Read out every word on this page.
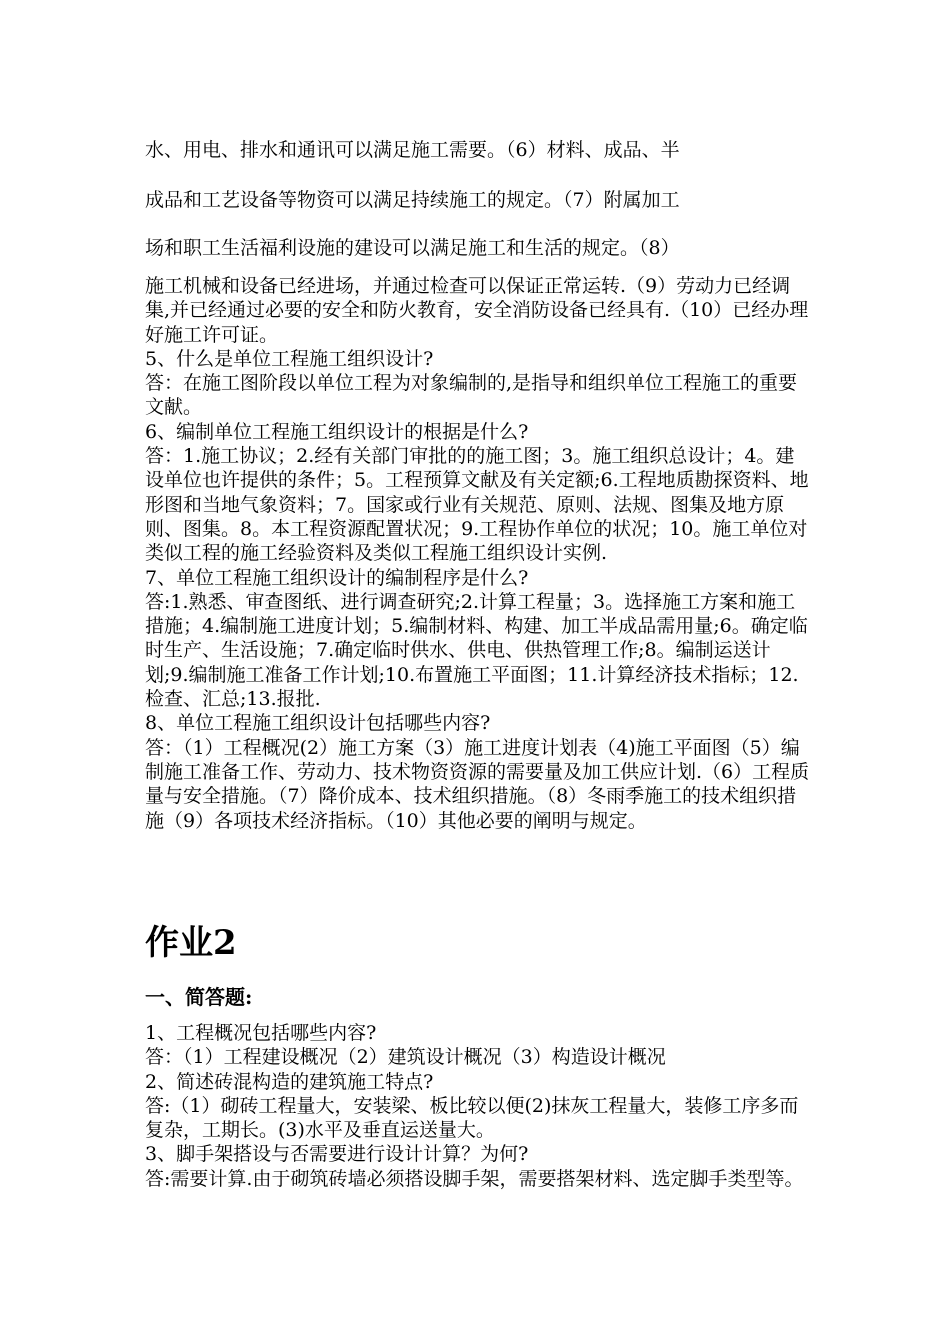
水、用电、排水和通讯可以满足施工需要。（6）材料、成品、半
成品和工艺设备等物资可以满足持续施工的规定。（7）附属加工
场和职工生活福利设施的建设可以满足施工和生活的规定。（8）

施工机械和设备已经进场，并通过检查可以保证正常运转.（9）劳动力已经调集,并已经通过必要的安全和防火教育，安全消防设备已经具有.（10）已经办理好施工许可证。

5、什么是单位工程施工组织设计?

答：在施工图阶段以单位工程为对象编制的,是指导和组织单位工程施工的重要文献。

6、编制单位工程施工组织设计的根据是什么?

答：1.施工协议；2.经有关部门审批的的施工图；3。施工组织总设计；4。建设单位也许提供的条件；5。工程预算文献及有关定额;6.工程地质勘探资料、地形图和当地气象资料；7。国家或行业有关规范、原则、法规、图集及地方原则、图集。8。本工程资源配置状况；9.工程协作单位的状况；10。施工单位对类似工程的施工经验资料及类似工程施工组织设计实例.

7、单位工程施工组织设计的编制程序是什么?

答:1.熟悉、审查图纸、进行调查研究;2.计算工程量；3。选择施工方案和施工措施；4.编制施工进度计划；5.编制材料、构建、加工半成品需用量;6。确定临时生产、生活设施；7.确定临时供水、供电、供热管理工作;8。编制运送计划;9.编制施工准备工作计划;10.布置施工平面图；11.计算经济技术指标；12.检查、汇总;13.报批.

8、单位工程施工组织设计包括哪些内容?

答：（1）工程概况(2）施工方案（3）施工进度计划表（4)施工平面图（5）编制施工准备工作、劳动力、技术物资资源的需要量及加工供应计划.（6）工程质量与安全措施。（7）降价成本、技术组织措施。（8）冬雨季施工的技术组织措施（9）各项技术经济指标。（10）其他必要的阐明与规定。

作业2
一、简答题:

1、工程概况包括哪些内容?

答：（1）工程建设概况（2）建筑设计概况（3）构造设计概况

2、简述砖混构造的建筑施工特点?

答:（1）砌砖工程量大，安装梁、板比较以便(2)抹灰工程量大，装修工序多而复杂，工期长。(3)水平及垂直运送量大。

3、脚手架搭设与否需要进行设计计算？为何?

答:需要计算.由于砌筑砖墙必须搭设脚手架，需要搭架材料、选定脚手类型等。
